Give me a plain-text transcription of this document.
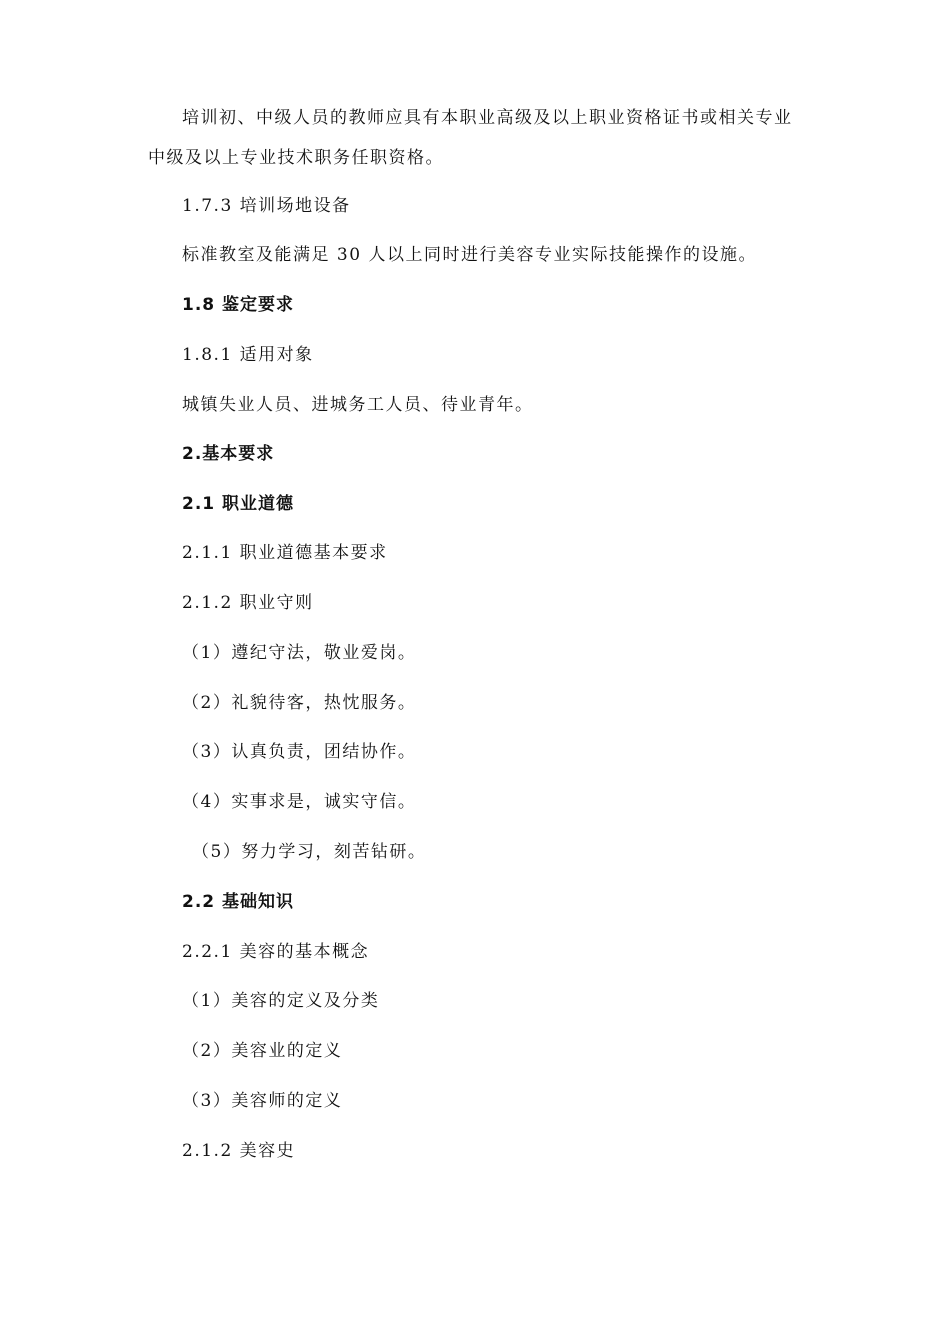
培训初、中级人员的教师应具有本职业高级及以上职业资格证书或相关专业
中级及以上专业技术职务任职资格。
1.7.3 培训场地设备
标准教室及能满足 30 人以上同时进行美容专业实际技能操作的设施。
1.8 鉴定要求
1.8.1 适用对象
城镇失业人员、进城务工人员、待业青年。
2.基本要求
2.1 职业道德
2.1.1 职业道德基本要求
2.1.2 职业守则
（1）遵纪守法，敬业爱岗。
（2）礼貌待客，热忱服务。
（3）认真负责，团结协作。
（4）实事求是，诚实守信。
（5）努力学习，刻苦钻研。
2.2 基础知识
2.2.1 美容的基本概念
（1）美容的定义及分类
（2）美容业的定义
（3）美容师的定义
2.1.2 美容史
